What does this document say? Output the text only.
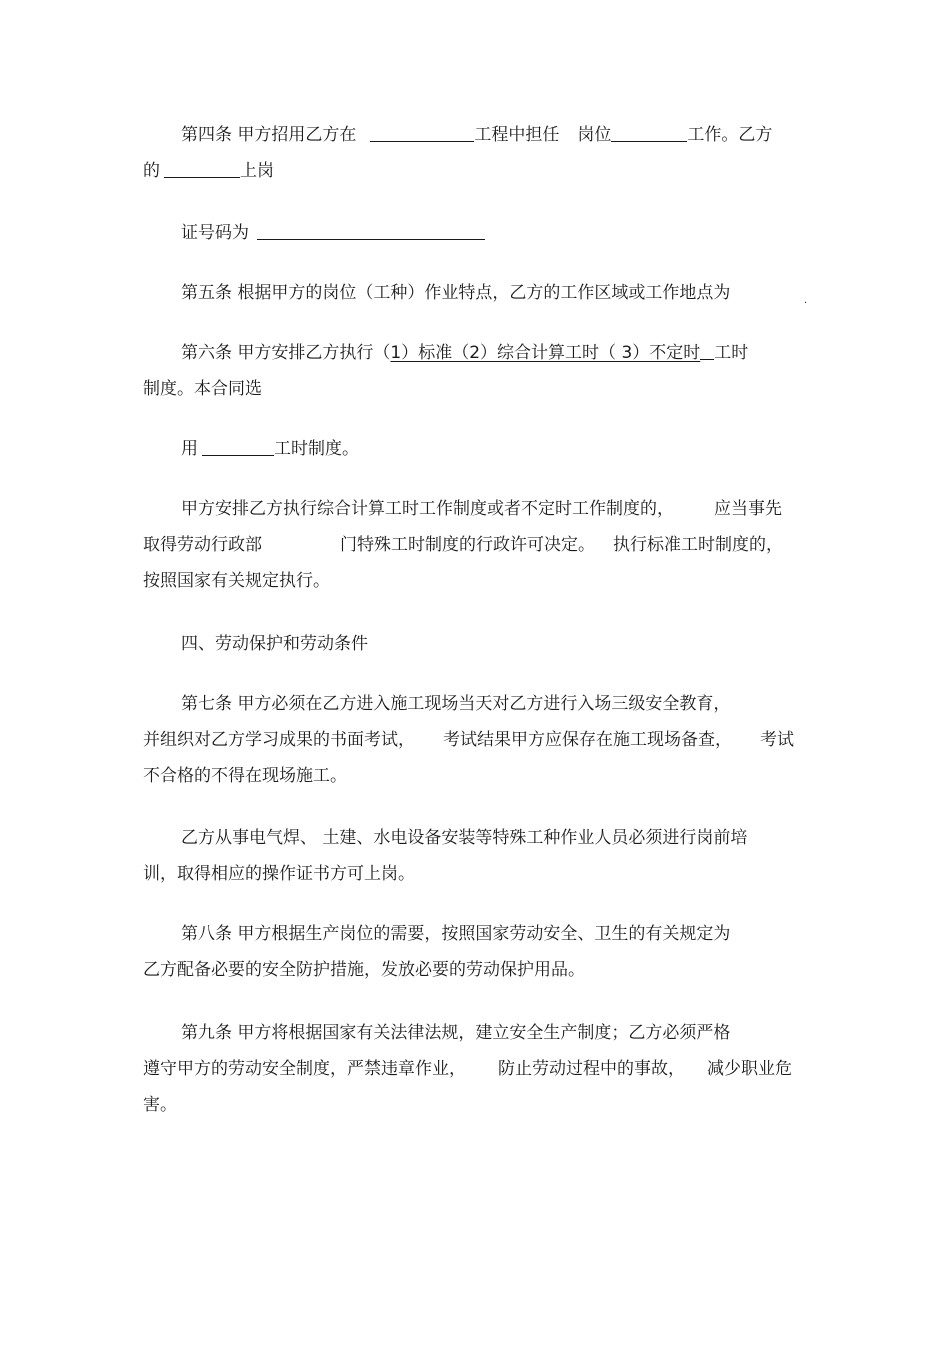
第四条 甲方招用乙方在	工程中担任 岗位	工作。乙方
的	上岗
证号码为
第五条 根据甲方的岗位（工种）作业特点，乙方的工作区域或工作地点为	.
第六条 甲方安排乙方执行（1）标准（2）综合计算工时（ 3）不定时 工时
制度。本合同选
用	工时制度。
甲方安排乙方执行综合计算工时工作制度或者不定时工作制度的， 应当事先
取得劳动行政部	门特殊工时制度的行政许可决定。 执行标准工时制度的，
按照国家有关规定执行。
四、劳动保护和劳动条件
第七条 甲方必须在乙方进入施工现场当天对乙方进行入场三级安全教育，
并组织对乙方学习成果的书面考试， 考试结果甲方应保存在施工现场备查， 考试
不合格的不得在现场施工。
乙方从事电气焊、 土建、水电设备安装等特殊工种作业人员必须进行岗前培
训，取得相应的操作证书方可上岗。
第八条 甲方根据生产岗位的需要，按照国家劳动安全、卫生的有关规定为
乙方配备必要的安全防护措施，发放必要的劳动保护用品。
第九条 甲方将根据国家有关法律法规，建立安全生产制度；乙方必须严格
遵守甲方的劳动安全制度，严禁违章作业， 防止劳动过程中的事故， 减少职业危
害。
